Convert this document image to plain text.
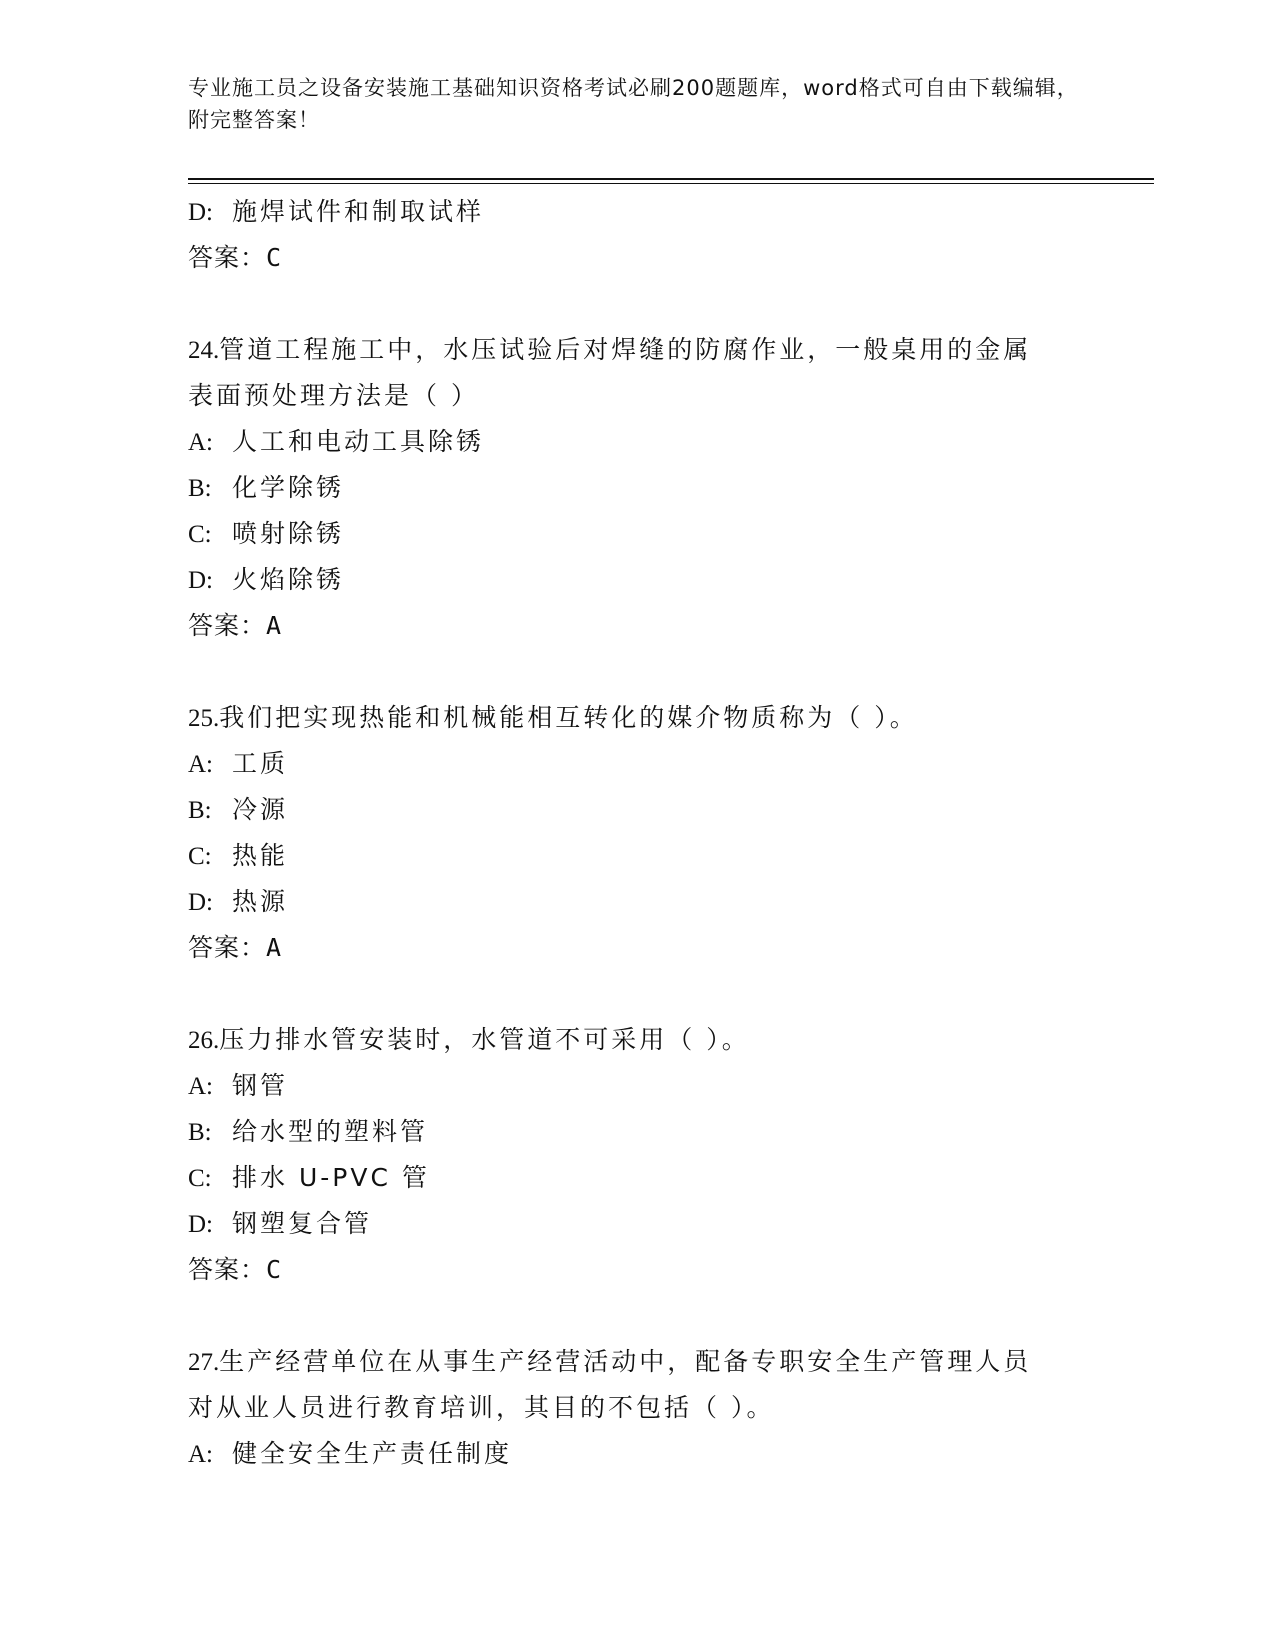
专业施工员之设备安装施工基础知识资格考试必刷200题题库，word格式可自由下载编辑，附完整答案！
D: 施焊试件和制取试样
答案：C
24.管道工程施工中，水压试验后对焊缝的防腐作业，一般桌用的金属
表面预处理方法是（ ）
A: 人工和电动工具除锈
B: 化学除锈
C: 喷射除锈
D: 火焰除锈
答案：A
25.我们把实现热能和机械能相互转化的媒介物质称为（ ）。
A: 工质
B: 冷源
C: 热能
D: 热源
答案：A
26.压力排水管安装时，水管道不可采用（ ）。
A: 钢管
B: 给水型的塑料管
C: 排水 U-PVC 管
D: 钢塑复合管
答案：C
27.生产经营单位在从事生产经营活动中，配备专职安全生产管理人员
对从业人员进行教育培训，其目的不包括（ ）。
A: 健全安全生产责任制度
